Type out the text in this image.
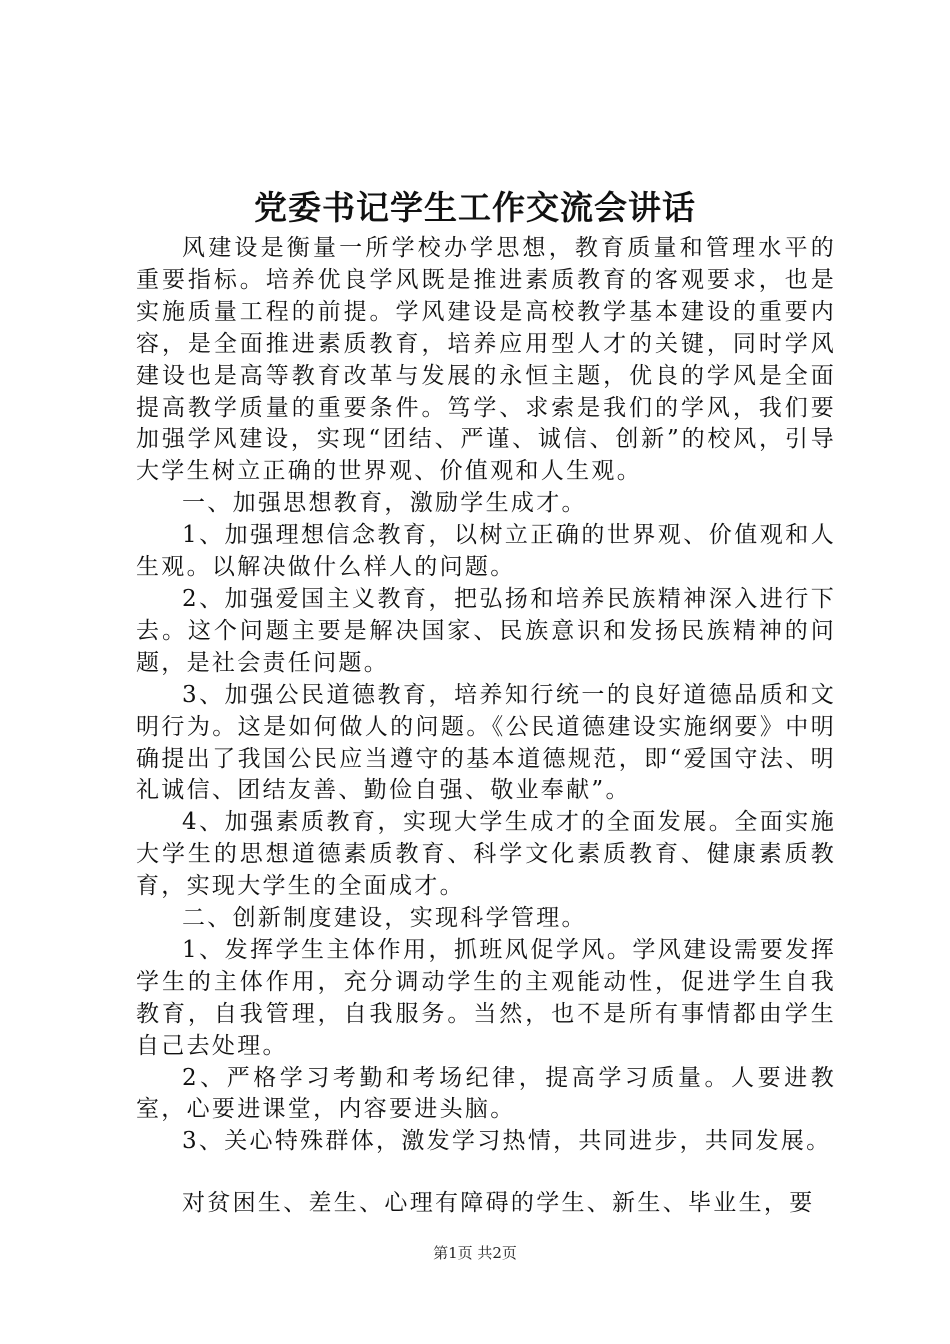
党委书记学生工作交流会讲话

风建设是衡量一所学校办学思想，教育质量和管理水平的重要指标。培养优良学风既是推进素质教育的客观要求，也是实施质量工程的前提。学风建设是高校教学基本建设的重要内容，是全面推进素质教育，培养应用型人才的关键，同时学风建设也是高等教育改革与发展的永恒主题，优良的学风是全面提高教学质量的重要条件。笃学、求索是我们的学风，我们要加强学风建设，实现“团结、严谨、诚信、创新”的校风，引导大学生树立正确的世界观、价值观和人生观。

一、加强思想教育，激励学生成才。

1、加强理想信念教育，以树立正确的世界观、价值观和人生观。以解决做什么样人的问题。

2、加强爱国主义教育，把弘扬和培养民族精神深入进行下去。这个问题主要是解决国家、民族意识和发扬民族精神的问题，是社会责任问题。

3、加强公民道德教育，培养知行统一的良好道德品质和文明行为。这是如何做人的问题。《公民道德建设实施纲要》中明确提出了我国公民应当遵守的基本道德规范，即“爱国守法、明礼诚信、团结友善、勤俭自强、敬业奉献”。

4、加强素质教育，实现大学生成才的全面发展。全面实施大学生的思想道德素质教育、科学文化素质教育、健康素质教育，实现大学生的全面成才。

二、创新制度建设，实现科学管理。

1、发挥学生主体作用，抓班风促学风。学风建设需要发挥学生的主体作用，充分调动学生的主观能动性，促进学生自我教育，自我管理，自我服务。当然，也不是所有事情都由学生自己去处理。

2、严格学习考勤和考场纪律，提高学习质量。人要进教室，心要进课堂，内容要进头脑。

3、关心特殊群体，激发学习热情，共同进步，共同发展。

对贫困生、差生、心理有障碍的学生、新生、毕业生，要

第1页 共2页
